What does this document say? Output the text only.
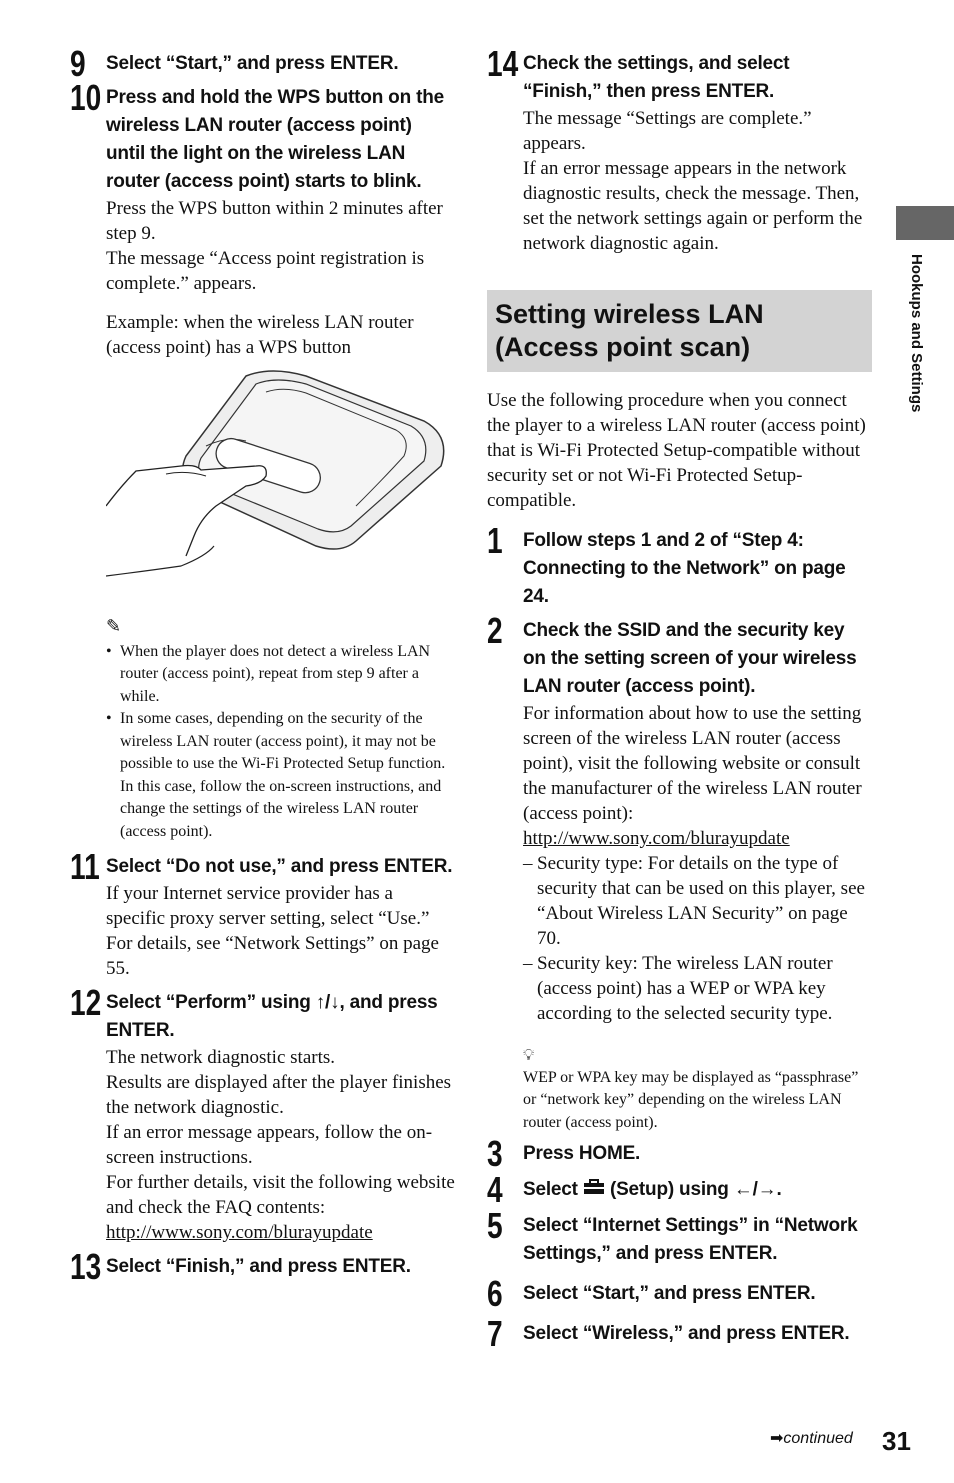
9 Select “Start,” and press ENTER.
10 Press and hold the WPS button on the wireless LAN router (access point) until the light on the wireless LAN router (access point) starts to blink.

Press the WPS button within 2 minutes after step 9.

The message “Access point registration is complete.” appears.

Example: when the wireless LAN router (access point) has a WPS button

✎
• When the player does not detect a wireless LAN router (access point), repeat from step 9 after a while.
• In some cases, depending on the security of the wireless LAN router (access point), it may not be possible to use the Wi-Fi Protected Setup function. In this case, follow the on-screen instructions, and change the settings of the wireless LAN router (access point).
11 Select “Do not use,” and press ENTER.

If your Internet service provider has a specific proxy server setting, select “Use.” For details, see “Network Settings” on page 55.

12 Select “Perform” using ↑/↓, and press ENTER.

The network diagnostic starts.

Results are displayed after the player finishes the network diagnostic.

If an error message appears, follow the on-screen instructions.

For further details, visit the following website and check the FAQ contents:

http://www.sony.com/blurayupdate

13 Select “Finish,” and press ENTER.
14 Check the settings, and select “Finish,” then press ENTER.

The message “Settings are complete.” appears.

If an error message appears in the network diagnostic results, check the message. Then, set the network settings again or perform the network diagnostic again.

Setting wireless LAN (Access point scan)
Use the following procedure when you connect the player to a wireless LAN router (access point) that is Wi-Fi Protected Setup-compatible without security set or not Wi-Fi Protected Setup-compatible.
1 Follow steps 1 and 2 of “Step 4: Connecting to the Network” on page 24.
2 Check the SSID and the security key on the setting screen of your wireless LAN router (access point).

For information about how to use the setting screen of the wireless LAN router (access point), visit the following website or consult the manufacturer of the wireless LAN router (access point):

http://www.sony.com/blurayupdate

– Security type: For details on the type of security that can be used on this player, see “About Wireless LAN Security” on page 70.
– Security key: The wireless LAN router (access point) has a WEP or WPA key according to the selected security type.
💡︎
WEP or WPA key may be displayed as “passphrase” or “network key” depending on the wireless LAN router (access point).
3 Press HOME.
4 Select  (Setup) using ←/→.
5 Select “Internet Settings” in “Network Settings,” and press ENTER.
6 Select “Start,” and press ENTER.
7 Select “Wireless,” and press ENTER.
Hookups and Settings
➡continued 31
